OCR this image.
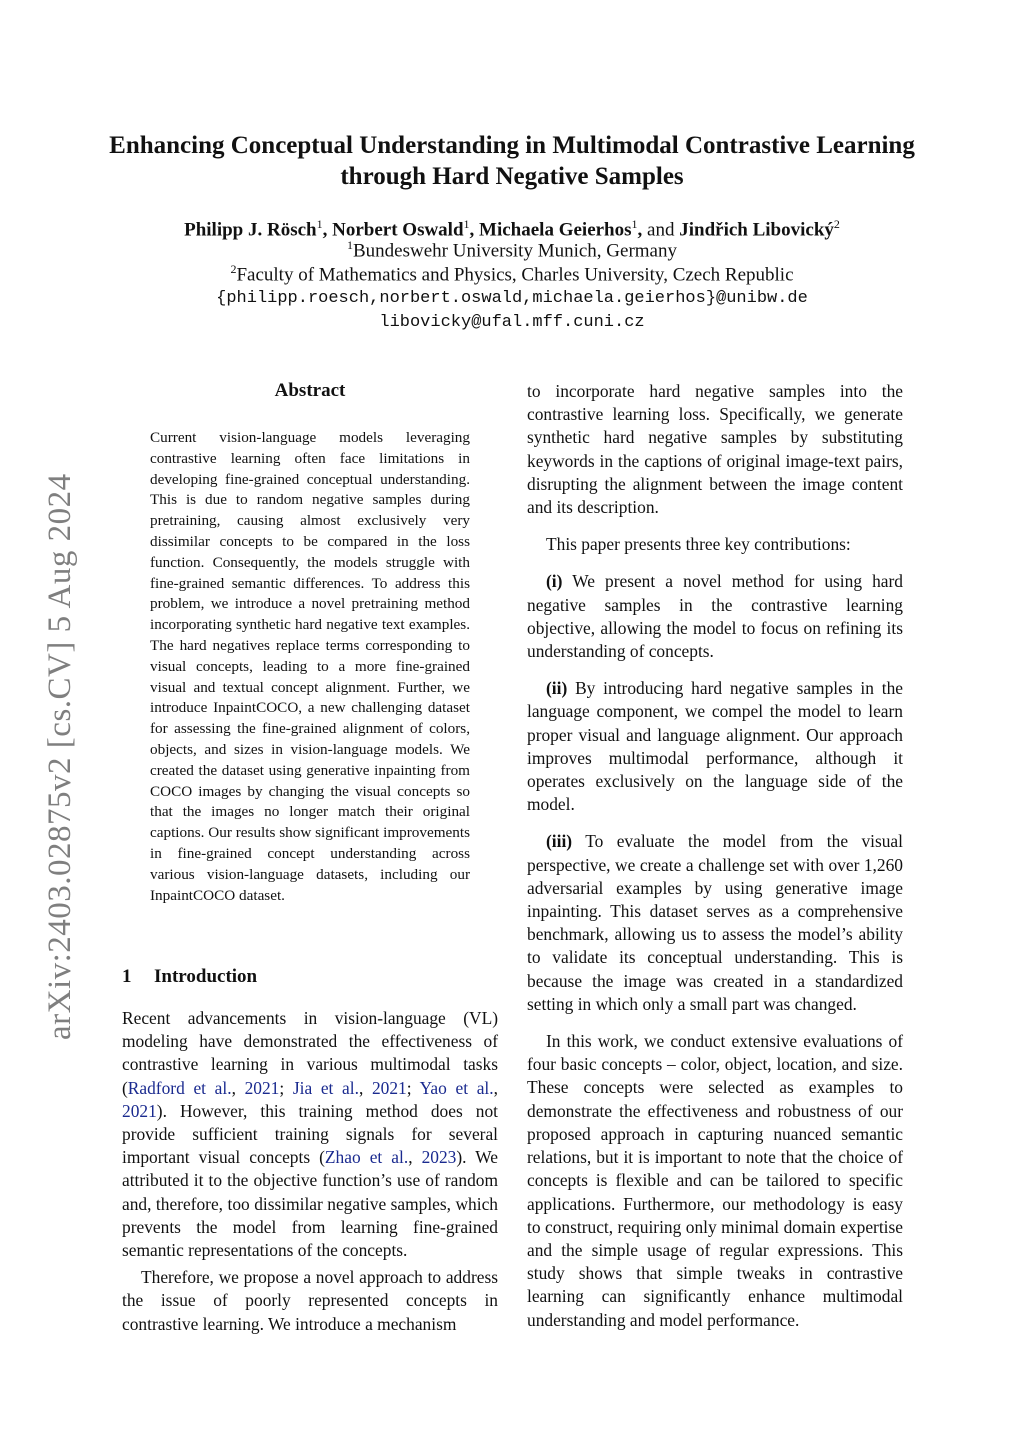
arXiv:2403.02875v2 [cs.CV] 5 Aug 2024
Enhancing Conceptual Understanding in Multimodal Contrastive Learning
through Hard Negative Samples
Philipp J. Rösch$^1$, Norbert Oswald$^1$, Michaela Geierhos$^1$, and Jindřich Libovický$^2$
$^1$Bundeswehr University Munich, Germany
$^2$Faculty of Mathematics and Physics, Charles University, Czech Republic
{philipp.roesch,norbert.oswald,michaela.geierhos}@unibw.de
libovicky@ufal.mff.cuni.cz
Abstract
Current vision-language models leveraging contrastive learning often face limitations in developing fine-grained conceptual understanding. This is due to random negative samples during pretraining, causing almost exclusively very dissimilar concepts to be compared in the loss function. Consequently, the models struggle with fine-grained semantic differences. To address this problem, we introduce a novel pretraining method incorporating synthetic hard negative text examples. The hard negatives replace terms corresponding to visual concepts, leading to a more fine-grained visual and textual concept alignment. Further, we introduce InpaintCOCO, a new challenging dataset for assessing the fine-grained alignment of colors, objects, and sizes in vision-language models. We created the dataset using generative inpainting from COCO images by changing the visual concepts so that the images no longer match their original captions. Our results show significant improvements in fine-grained concept understanding across various vision-language datasets, including our InpaintCOCO dataset.
1 Introduction

Recent advancements in vision-language (VL) modeling have demonstrated the effectiveness of contrastive learning in various multimodal tasks (Radford et al., 2021; Jia et al., 2021; Yao et al., 2021). However, this training method does not provide sufficient training signals for several important visual concepts (Zhao et al., 2023). We attributed it to the objective function’s use of random and, therefore, too dissimilar negative samples, which prevents the model from learning fine-grained semantic representations of the concepts.

Therefore, we propose a novel approach to address the issue of poorly represented concepts in contrastive learning. We introduce a mechanism

to incorporate hard negative samples into the contrastive learning loss. Specifically, we generate synthetic hard negative samples by substituting keywords in the captions of original image-text pairs, disrupting the alignment between the image content and its description.

This paper presents three key contributions:

(i) We present a novel method for using hard negative samples in the contrastive learning objective, allowing the model to focus on refining its understanding of concepts.

(ii) By introducing hard negative samples in the language component, we compel the model to learn proper visual and language alignment. Our approach improves multimodal performance, although it operates exclusively on the language side of the model.

(iii) To evaluate the model from the visual perspective, we create a challenge set with over 1,260 adversarial examples by using generative image inpainting. This dataset serves as a comprehensive benchmark, allowing us to assess the model’s ability to validate its conceptual understanding. This is because the image was created in a standardized setting in which only a small part was changed.

In this work, we conduct extensive evaluations of four basic concepts – color, object, location, and size. These concepts were selected as examples to demonstrate the effectiveness and robustness of our proposed approach in capturing nuanced semantic relations, but it is important to note that the choice of concepts is flexible and can be tailored to specific applications. Furthermore, our methodology is easy to construct, requiring only minimal domain expertise and the simple usage of regular expressions. This study shows that simple tweaks in contrastive learning can significantly enhance multimodal understanding and model performance.
